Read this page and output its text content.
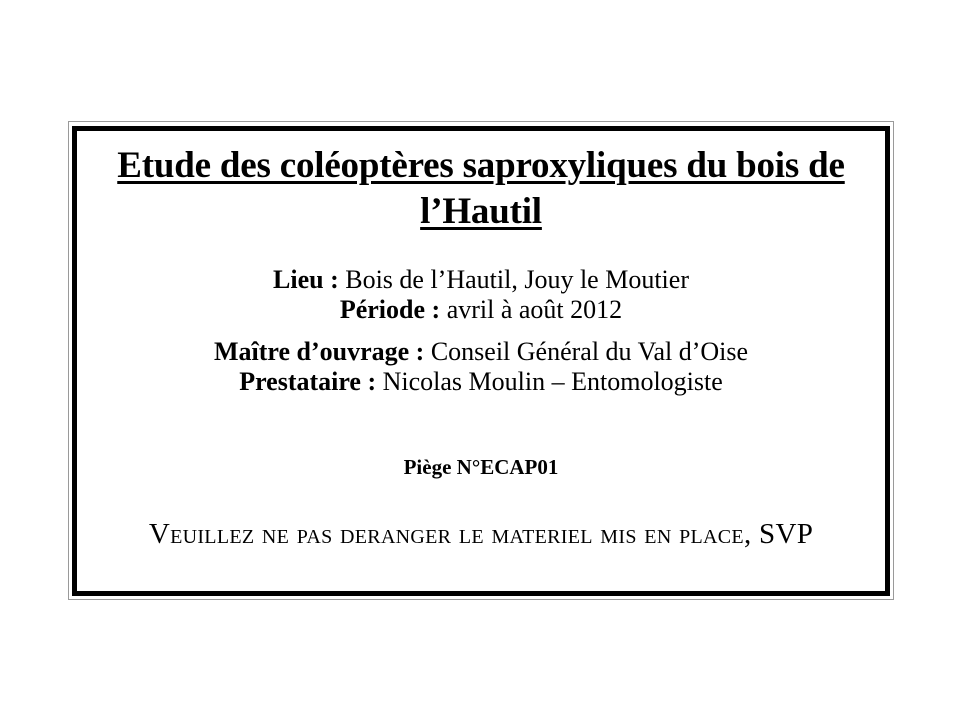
Etude des coléoptères saproxyliques du bois de l’Hautil
Lieu : Bois de l’Hautil, Jouy le Moutier
Période : avril à août 2012
Maître d’ouvrage : Conseil Général du Val d’Oise
Prestataire : Nicolas Moulin – Entomologiste
Piège N°ECAP01
Veuillez ne pas deranger le materiel mis en place, SVP
